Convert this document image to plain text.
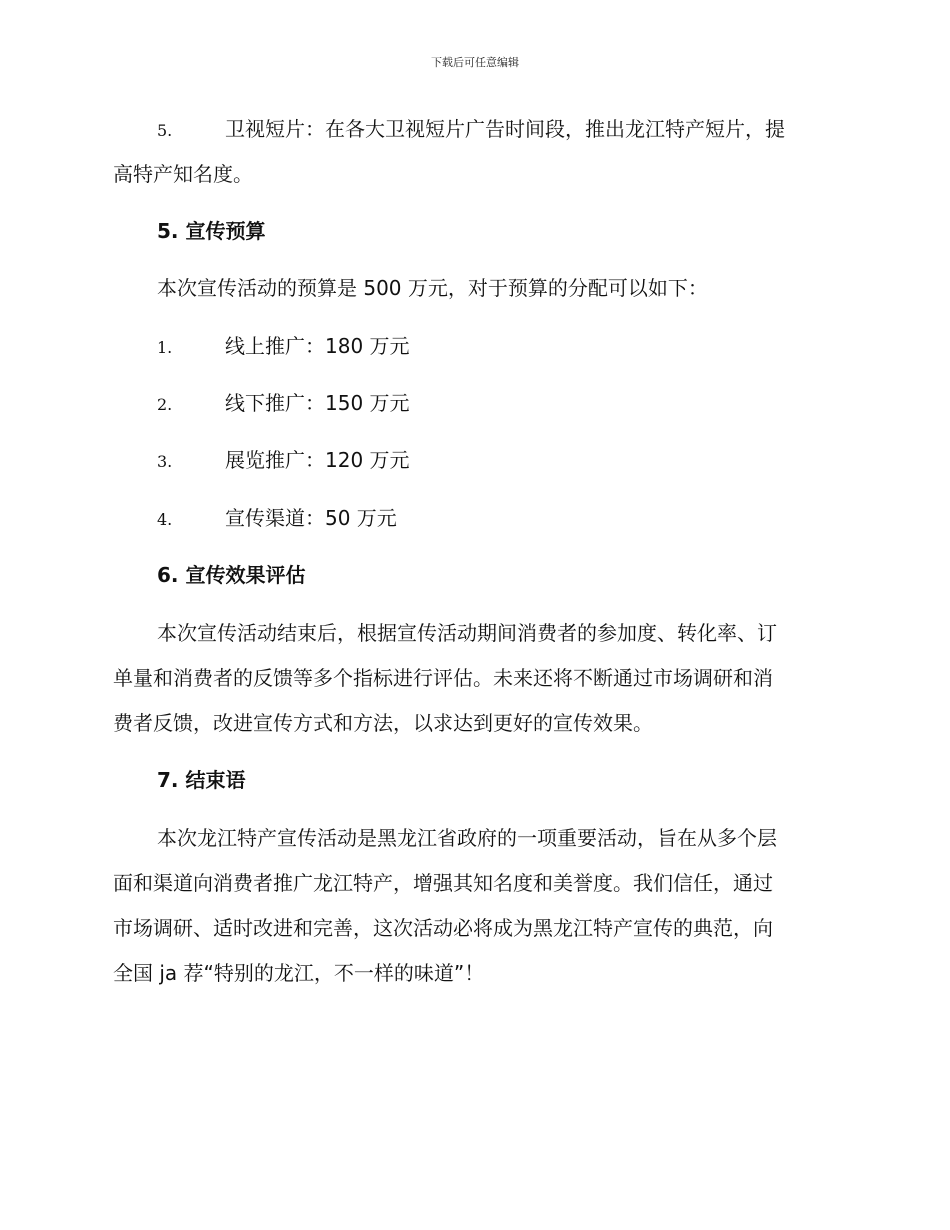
下载后可任意编辑
5.	卫视短片：在各大卫视短片广告时间段，推出龙江特产短片，提
高特产知名度。
5. 宣传预算
本次宣传活动的预算是 500 万元，对于预算的分配可以如下：
1.	线上推广：180 万元
2.	线下推广：150 万元
3.	展览推广：120 万元
4.	宣传渠道：50 万元
6. 宣传效果评估
本次宣传活动结束后，根据宣传活动期间消费者的参加度、转化率、订
单量和消费者的反馈等多个指标进行评估。未来还将不断通过市场调研和消
费者反馈，改进宣传方式和方法，以求达到更好的宣传效果。
7. 结束语
本次龙江特产宣传活动是黑龙江省政府的一项重要活动，旨在从多个层
面和渠道向消费者推广龙江特产，增强其知名度和美誉度。我们信任，通过
市场调研、适时改进和完善，这次活动必将成为黑龙江特产宣传的典范，向
全国 ja 荐“特别的龙江，不一样的味道”！
